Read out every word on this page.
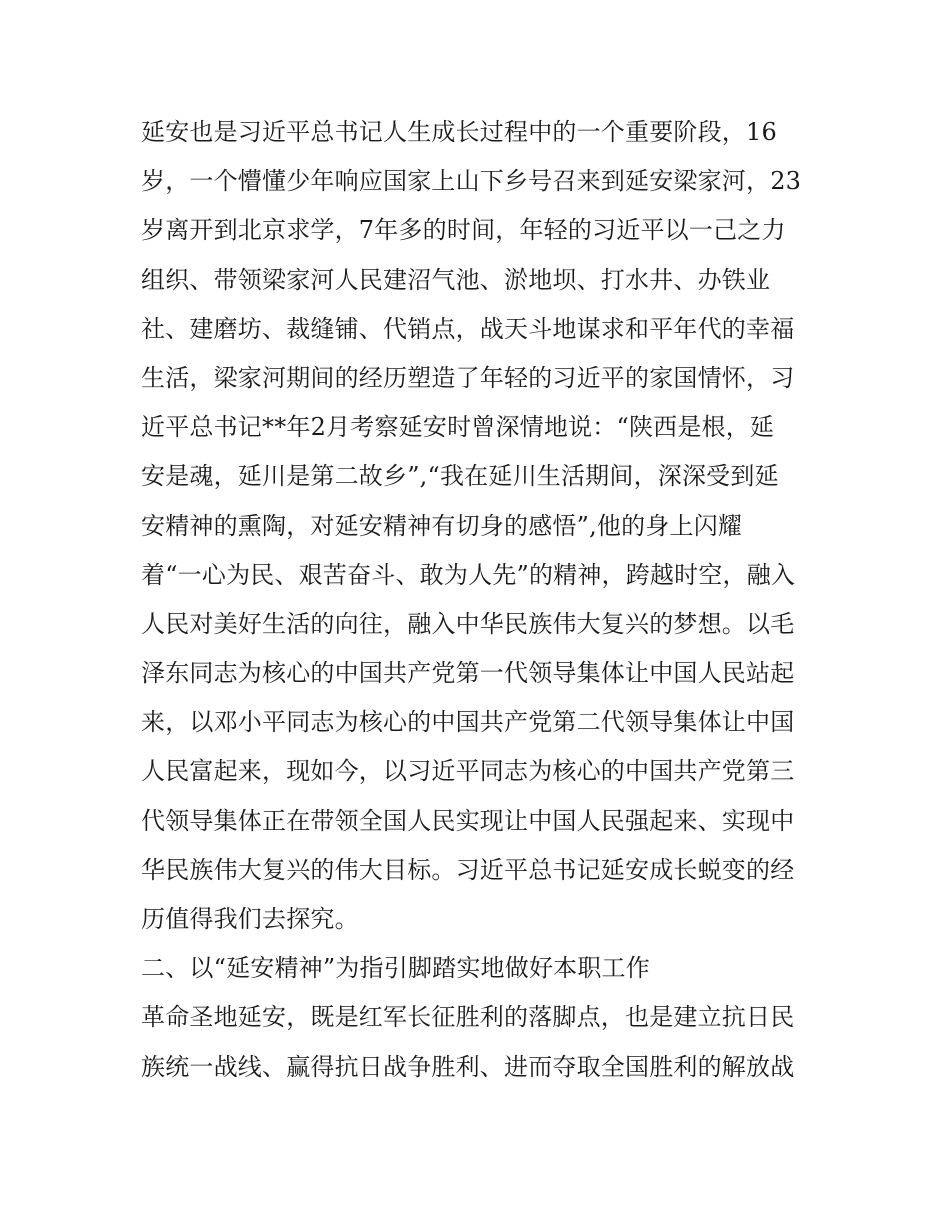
延安也是习近平总书记人生成长过程中的一个重要阶段，16
岁，一个懵懂少年响应国家上山下乡号召来到延安梁家河，23
岁离开到北京求学，7年多的时间，年轻的习近平以一己之力
组织、带领梁家河人民建沼气池、淤地坝、打水井、办铁业
社、建磨坊、裁缝铺、代销点，战天斗地谋求和平年代的幸福
生活，梁家河期间的经历塑造了年轻的习近平的家国情怀，习
近平总书记**年2月考察延安时曾深情地说：“陕西是根，延
安是魂，延川是第二故乡”,“我在延川生活期间，深深受到延
安精神的熏陶，对延安精神有切身的感悟”,他的身上闪耀
着“一心为民、艰苦奋斗、敢为人先”的精神，跨越时空，融入
人民对美好生活的向往，融入中华民族伟大复兴的梦想。以毛
泽东同志为核心的中国共产党第一代领导集体让中国人民站起
来，以邓小平同志为核心的中国共产党第二代领导集体让中国
人民富起来，现如今，以习近平同志为核心的中国共产党第三
代领导集体正在带领全国人民实现让中国人民强起来、实现中
华民族伟大复兴的伟大目标。习近平总书记延安成长蜕变的经
历值得我们去探究。
二、以“延安精神”为指引脚踏实地做好本职工作
革命圣地延安，既是红军长征胜利的落脚点，也是建立抗日民
族统一战线、赢得抗日战争胜利、进而夺取全国胜利的解放战
